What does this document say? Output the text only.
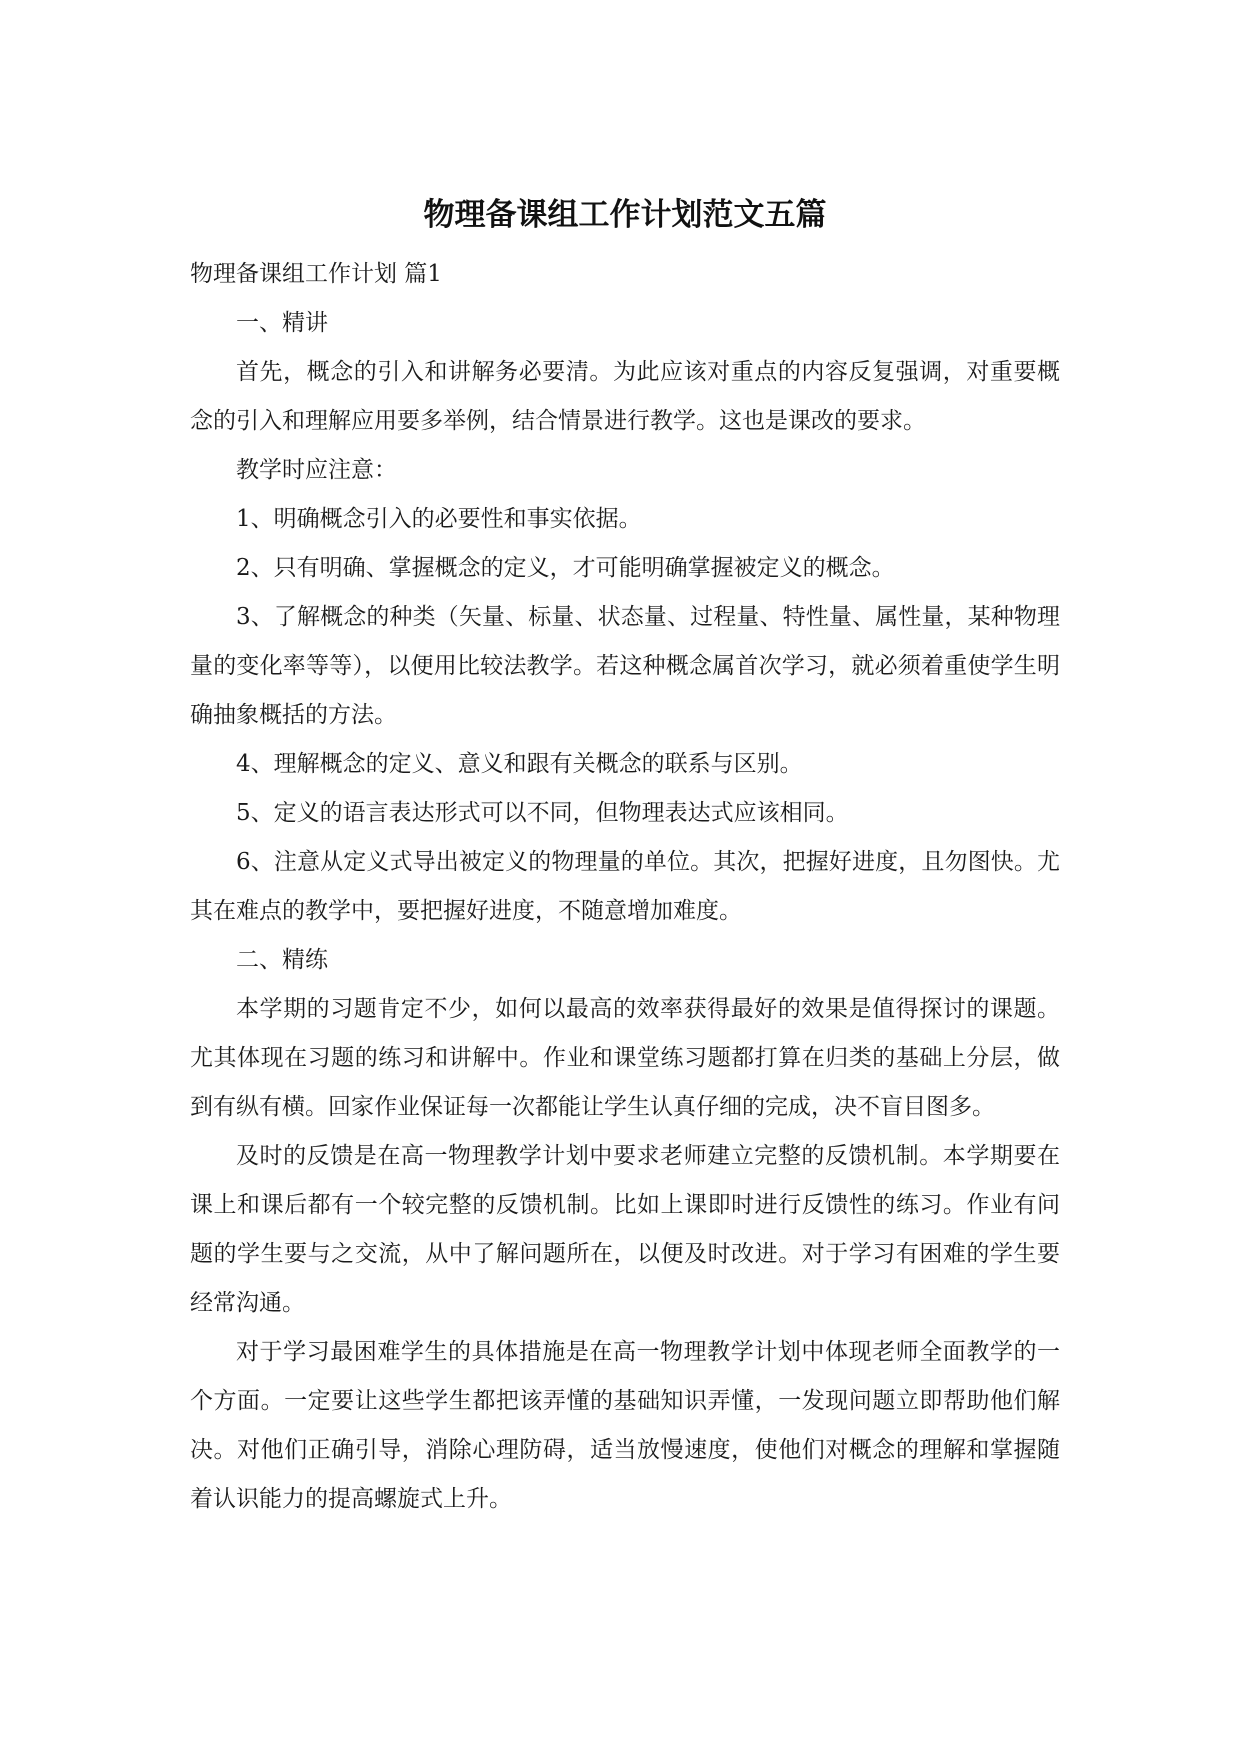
物理备课组工作计划范文五篇

物理备课组工作计划 篇1

一、精讲

首先，概念的引入和讲解务必要清。为此应该对重点的内容反复强调，对重要概念的引入和理解应用要多举例，结合情景进行教学。这也是课改的要求。

教学时应注意：

1、明确概念引入的必要性和事实依据。

2、只有明确、掌握概念的定义，才可能明确掌握被定义的概念。

3、了解概念的种类（矢量、标量、状态量、过程量、特性量、属性量，某种物理量的变化率等等），以便用比较法教学。若这种概念属首次学习，就必须着重使学生明确抽象概括的方法。

4、理解概念的定义、意义和跟有关概念的联系与区别。

5、定义的语言表达形式可以不同，但物理表达式应该相同。

6、注意从定义式导出被定义的物理量的单位。其次，把握好进度，且勿图快。尤其在难点的教学中，要把握好进度，不随意增加难度。

二、精练

本学期的习题肯定不少，如何以最高的效率获得最好的效果是值得探讨的课题。尤其体现在习题的练习和讲解中。作业和课堂练习题都打算在归类的基础上分层，做到有纵有横。回家作业保证每一次都能让学生认真仔细的完成，决不盲目图多。

及时的反馈是在高一物理教学计划中要求老师建立完整的反馈机制。本学期要在课上和课后都有一个较完整的反馈机制。比如上课即时进行反馈性的练习。作业有问题的学生要与之交流，从中了解问题所在，以便及时改进。对于学习有困难的学生要经常沟通。

对于学习最困难学生的具体措施是在高一物理教学计划中体现老师全面教学的一个方面。一定要让这些学生都把该弄懂的基础知识弄懂，一发现问题立即帮助他们解决。对他们正确引导，消除心理防碍，适当放慢速度，使他们对概念的理解和掌握随着认识能力的提高螺旋式上升。
